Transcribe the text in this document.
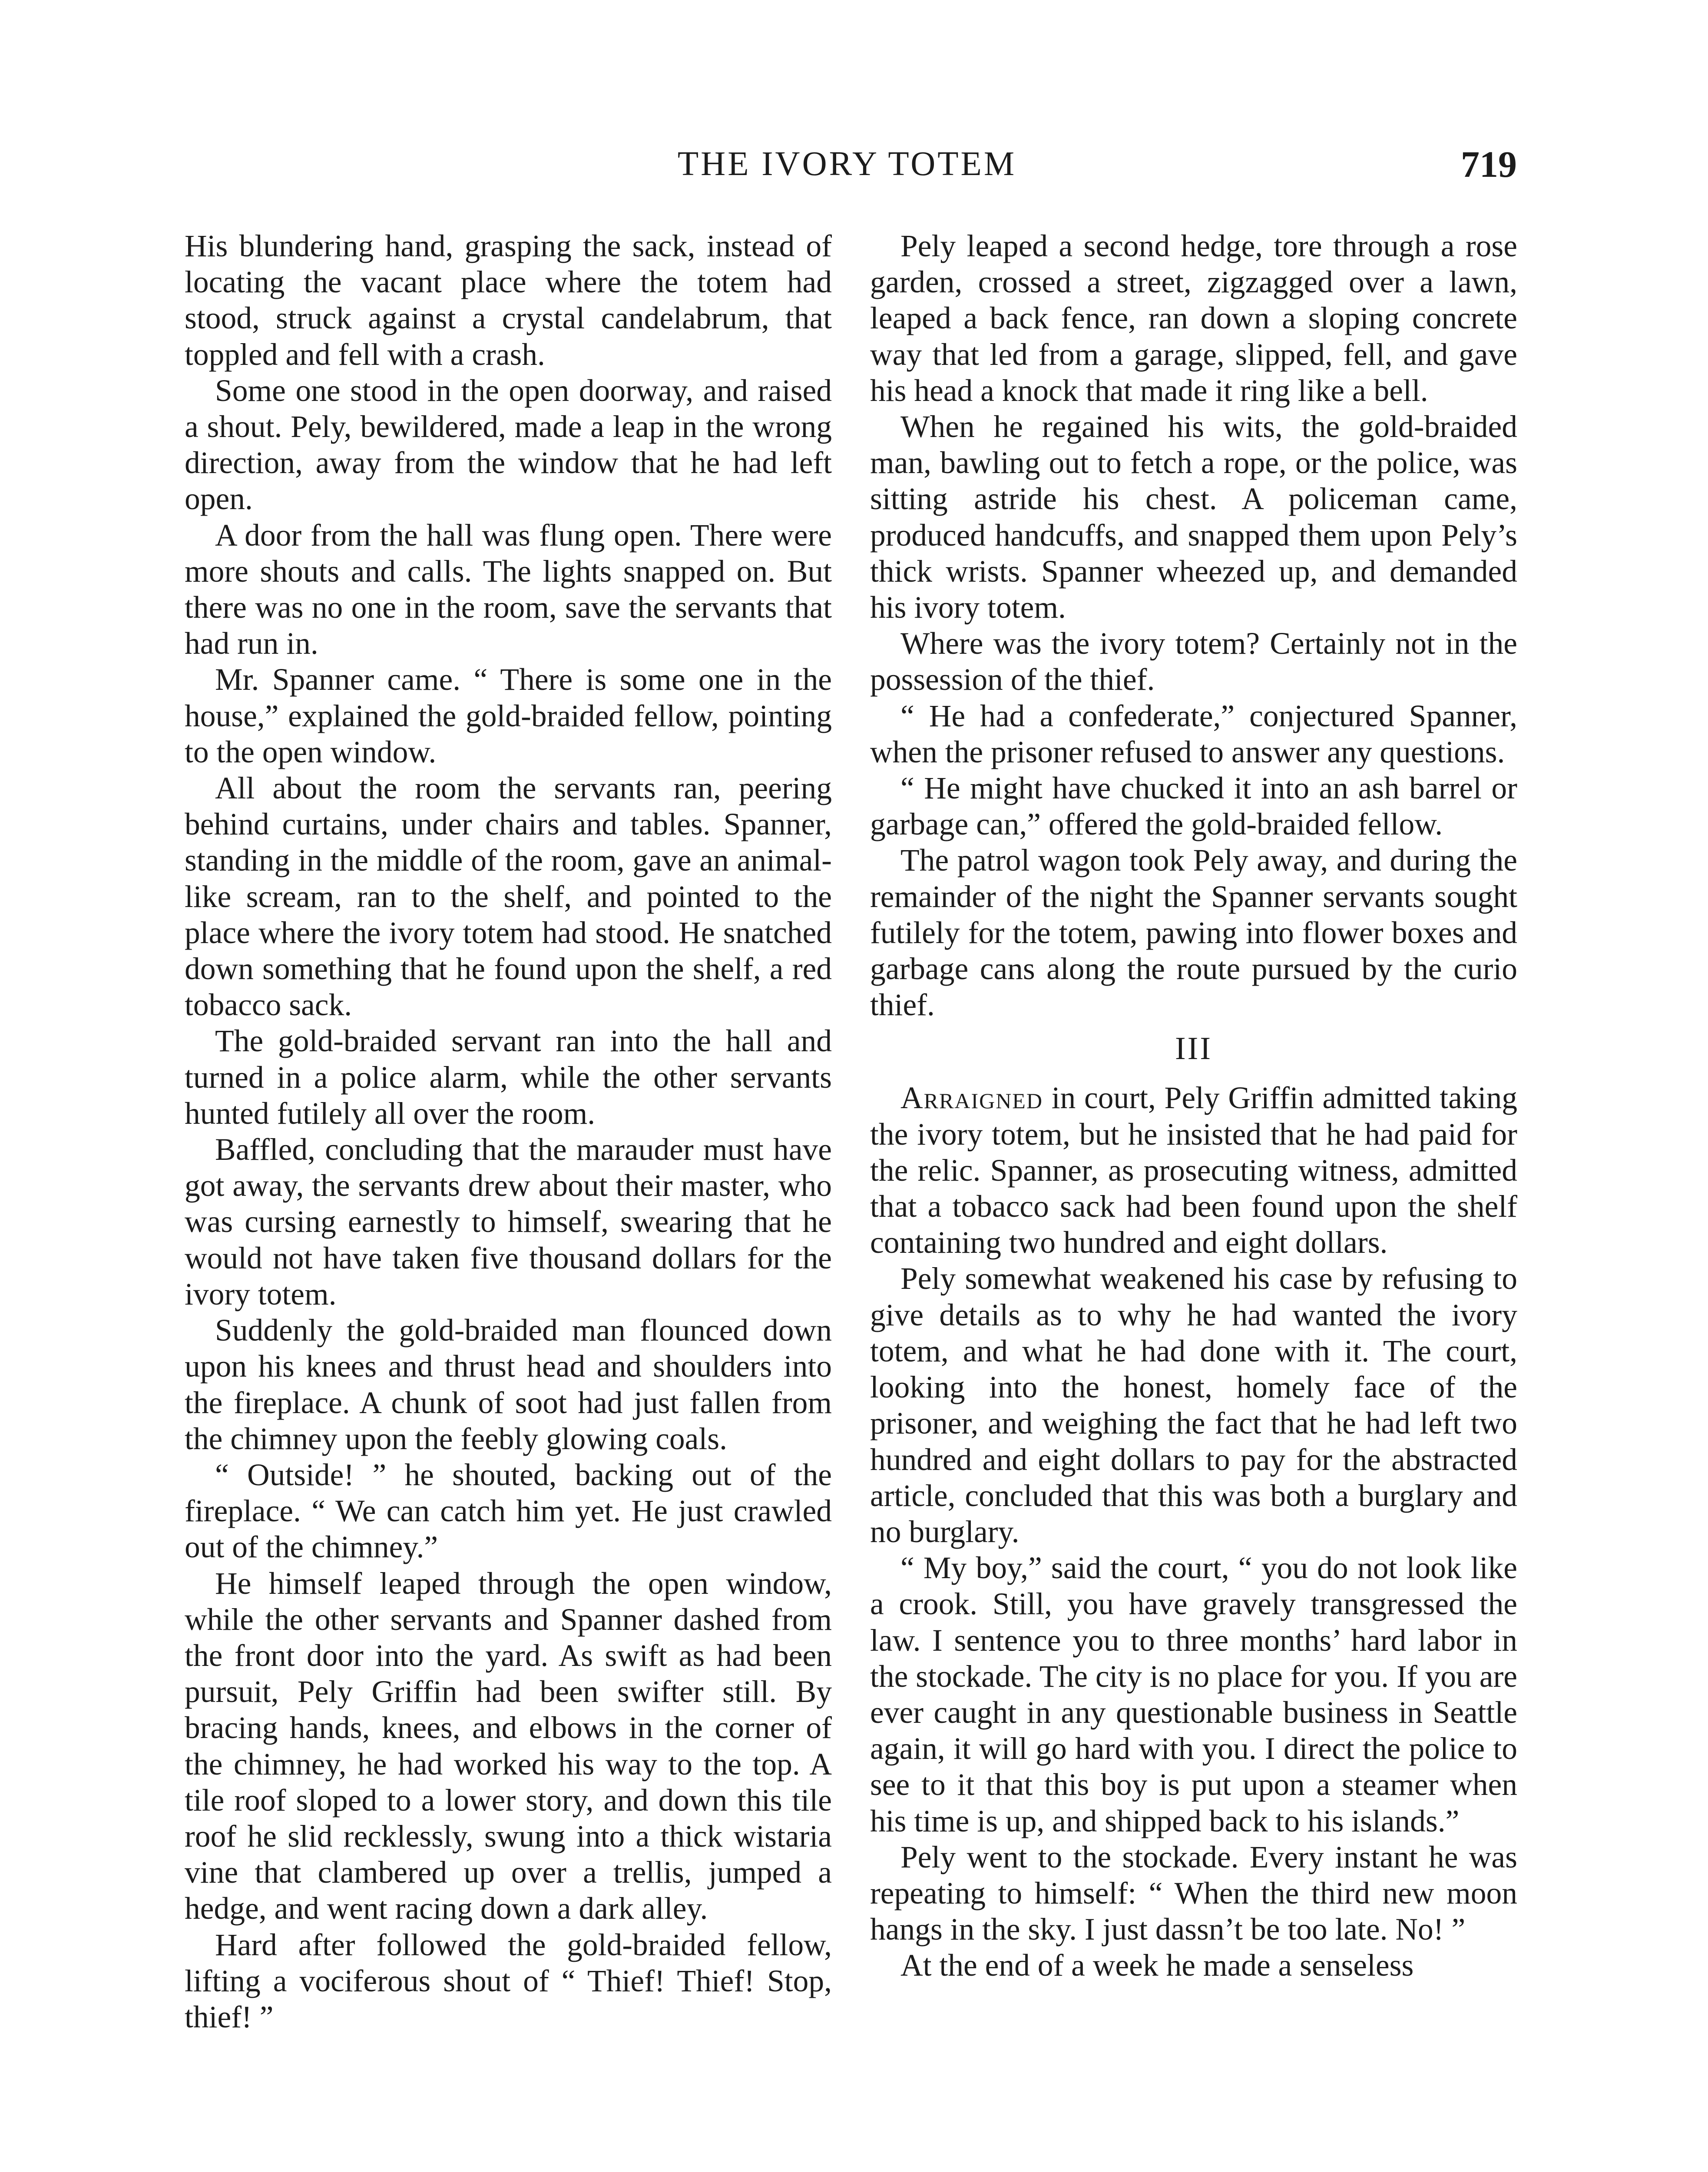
THE IVORY TOTEM	719

His blundering hand, grasping the sack, instead of locating the vacant place where the totem had stood, struck against a crystal candelabrum, that toppled and fell with a crash.

Some one stood in the open doorway, and raised a shout. Pely, bewildered, made a leap in the wrong direction, away from the window that he had left open.

A door from the hall was flung open. There were more shouts and calls. The lights snapped on. But there was no one in the room, save the servants that had run in.

Mr. Spanner came. “ There is some one in the house,” explained the gold-braided fellow, pointing to the open window.

All about the room the servants ran, peering behind curtains, under chairs and tables. Spanner, standing in the middle of the room, gave an animal-like scream, ran to the shelf, and pointed to the place where the ivory totem had stood. He snatched down something that he found upon the shelf, a red tobacco sack.

The gold-braided servant ran into the hall and turned in a police alarm, while the other servants hunted futilely all over the room.

Baffled, concluding that the marauder must have got away, the servants drew about their master, who was cursing earnestly to himself, swearing that he would not have taken five thousand dollars for the ivory totem.

Suddenly the gold-braided man flounced down upon his knees and thrust head and shoulders into the fireplace. A chunk of soot had just fallen from the chimney upon the feebly glowing coals.

“ Outside! ” he shouted, backing out of the fireplace. “ We can catch him yet. He just crawled out of the chimney.”

He himself leaped through the open window, while the other servants and Spanner dashed from the front door into the yard. As swift as had been pursuit, Pely Griffin had been swifter still. By bracing hands, knees, and elbows in the corner of the chimney, he had worked his way to the top. A tile roof sloped to a lower story, and down this tile roof he slid recklessly, swung into a thick wistaria vine that clambered up over a trellis, jumped a hedge, and went racing down a dark alley.

Hard after followed the gold-braided fellow, lifting a vociferous shout of “ Thief! Thief! Stop, thief! ”

Pely leaped a second hedge, tore through a rose garden, crossed a street, zigzagged over a lawn, leaped a back fence, ran down a sloping concrete way that led from a garage, slipped, fell, and gave his head a knock that made it ring like a bell.

When he regained his wits, the gold-braided man, bawling out to fetch a rope, or the police, was sitting astride his chest. A policeman came, produced handcuffs, and snapped them upon Pely’s thick wrists. Spanner wheezed up, and demanded his ivory totem.

Where was the ivory totem? Certainly not in the possession of the thief.

“ He had a confederate,” conjectured Spanner, when the prisoner refused to answer any questions.

“ He might have chucked it into an ash barrel or garbage can,” offered the gold-braided fellow.

The patrol wagon took Pely away, and during the remainder of the night the Spanner servants sought futilely for the totem, pawing into flower boxes and garbage cans along the route pursued by the curio thief.

III

Arraigned in court, Pely Griffin admitted taking the ivory totem, but he insisted that he had paid for the relic. Spanner, as prosecuting witness, admitted that a tobacco sack had been found upon the shelf containing two hundred and eight dollars.

Pely somewhat weakened his case by refusing to give details as to why he had wanted the ivory totem, and what he had done with it. The court, looking into the honest, homely face of the prisoner, and weighing the fact that he had left two hundred and eight dollars to pay for the abstracted article, concluded that this was both a burglary and no burglary.

“ My boy,” said the court, “ you do not look like a crook. Still, you have gravely transgressed the law. I sentence you to three months’ hard labor in the stockade. The city is no place for you. If you are ever caught in any questionable business in Seattle again, it will go hard with you. I direct the police to see to it that this boy is put upon a steamer when his time is up, and shipped back to his islands.”

Pely went to the stockade. Every instant he was repeating to himself: “ When the third new moon hangs in the sky. I just dassn’t be too late. No! ”

At the end of a week he made a senseless
